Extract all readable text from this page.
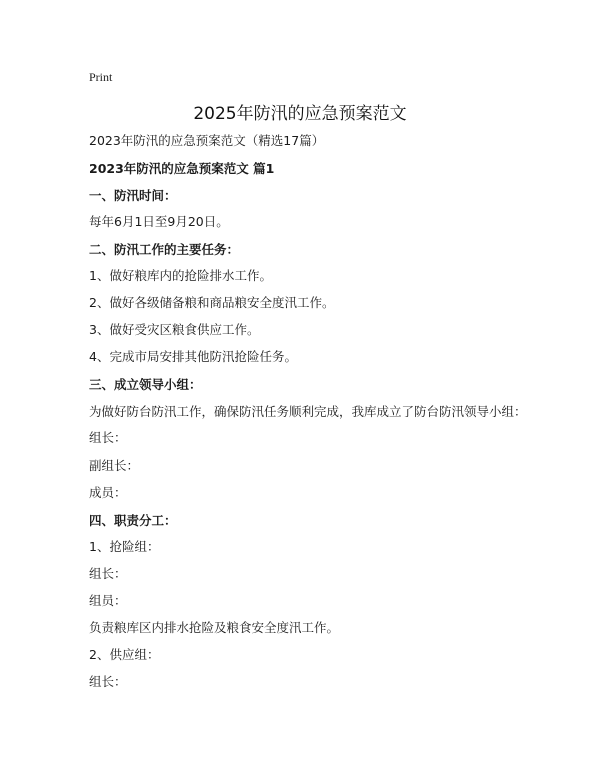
Print
2025年防汛的应急预案范文
2023年防汛的应急预案范文（精选17篇）
2023年防汛的应急预案范文 篇1
一、防汛时间：
每年6月1日至9月20日。
二、防汛工作的主要任务：
1、做好粮库内的抢险排水工作。
2、做好各级储备粮和商品粮安全度汛工作。
3、做好受灾区粮食供应工作。
4、完成市局安排其他防汛抢险任务。
三、成立领导小组：
为做好防台防汛工作，确保防汛任务顺利完成，我库成立了防台防汛领导小组：
组长：
副组长：
成员：
四、职责分工：
1、抢险组：
组长：
组员：
负责粮库区内排水抢险及粮食安全度汛工作。
2、供应组：
组长：
